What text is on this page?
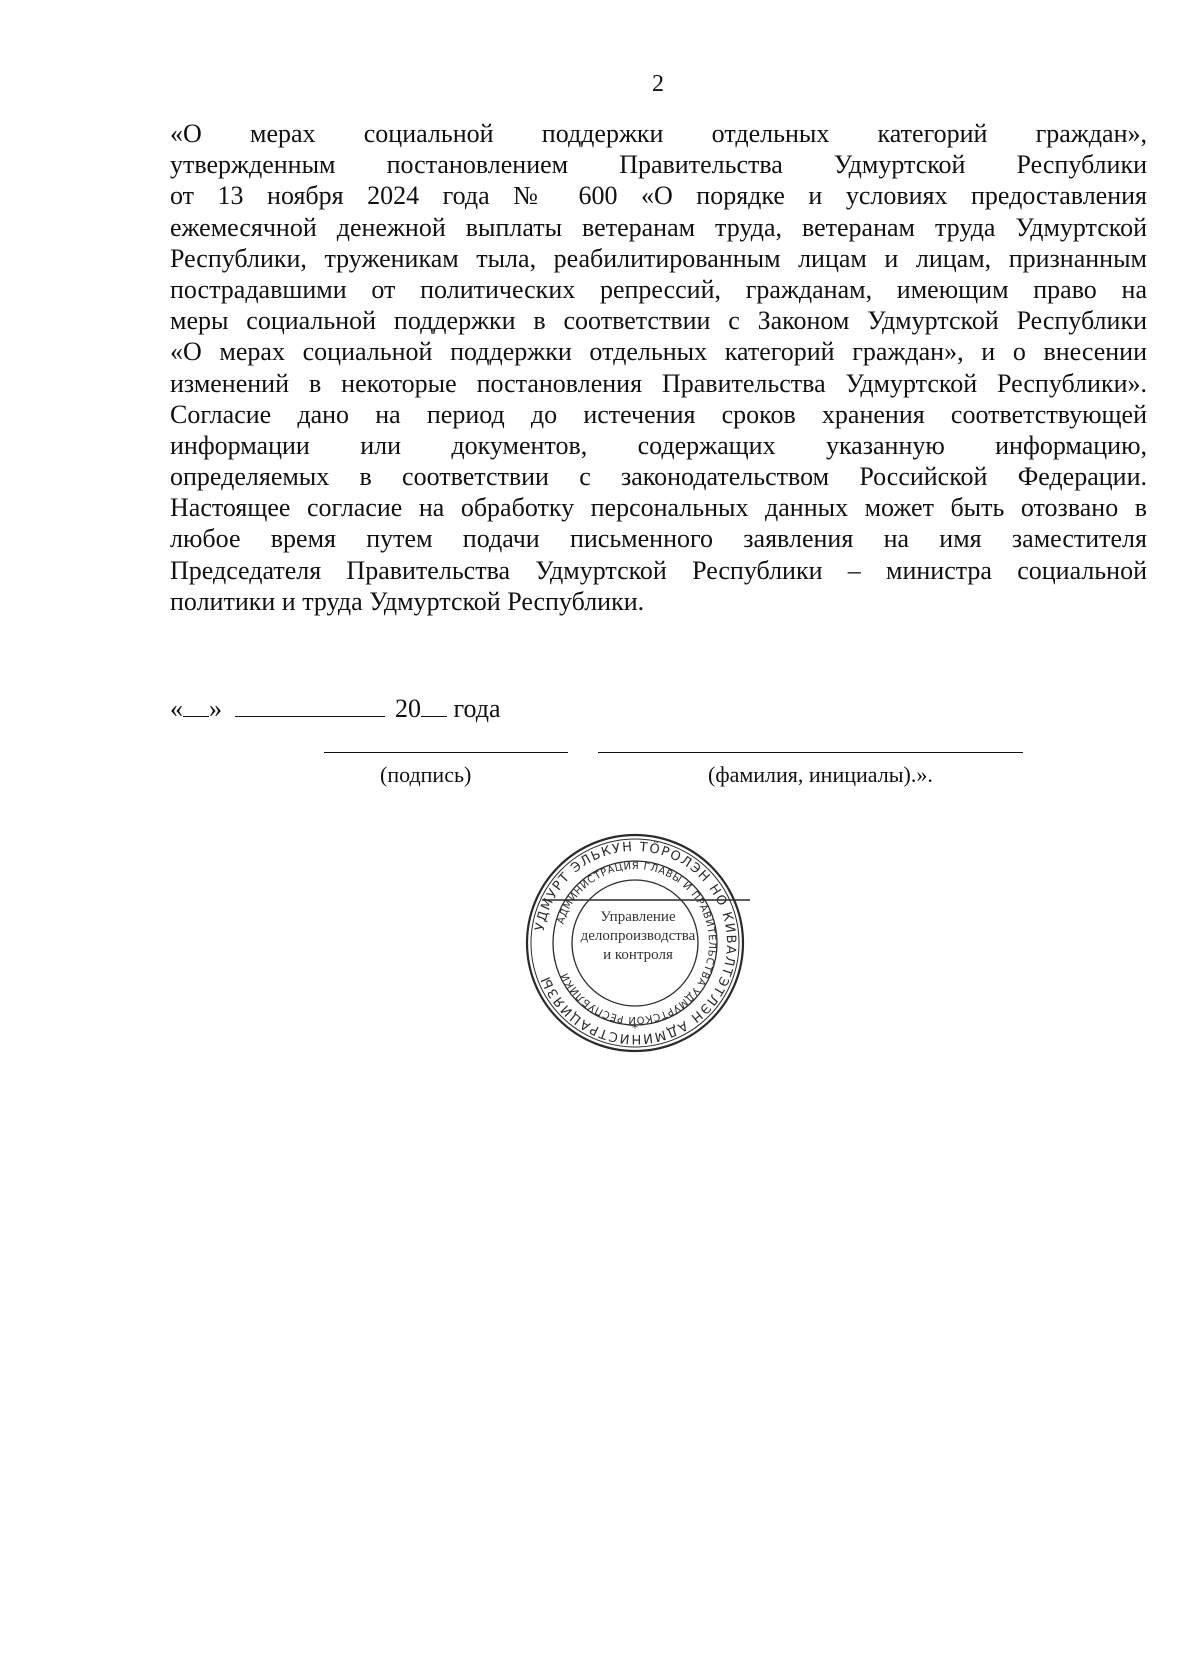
2
«О мерах социальной поддержки отдельных категорий граждан»,
утвержденным постановлением Правительства Удмуртской Республики
от 13 ноября 2024 года № 600 «О порядке и условиях предоставления
ежемесячной денежной выплаты ветеранам труда, ветеранам труда Удмуртской
Республики, труженикам тыла, реабилитированным лицам и лицам, признанным
пострадавшими от политических репрессий, гражданам, имеющим право на
меры социальной поддержки в соответствии с Законом Удмуртской Республики
«О мерах социальной поддержки отдельных категорий граждан», и о внесении
изменений в некоторые постановления Правительства Удмуртской Республики».
Согласие дано на период до истечения сроков хранения соответствующей
информации или документов, содержащих указанную информацию,
определяемых в соответствии с законодательством Российской Федерации.
Настоящее согласие на обработку персональных данных может быть отозвано в
любое время путем подачи письменного заявления на имя заместителя
Председателя Правительства Удмуртской Республики – министра социальной
политики и труда Удмуртской Республики.
« »	20 года
(подпись)	(фамилия, инициалы).».
УДМУРТ ЭЛЬКУН ТӦРОЛЭН НО КИВАЛТЭТЛЭН АДМИНИСТРАЦИЯЗЫ
АДМИНИСТРАЦИЯ ГЛАВЫ И ПРАВИТЕЛЬСТВА УДМУРТСКОЙ РЕСПУБЛИКИ
*
Управление
делопроизводства
и контроля
